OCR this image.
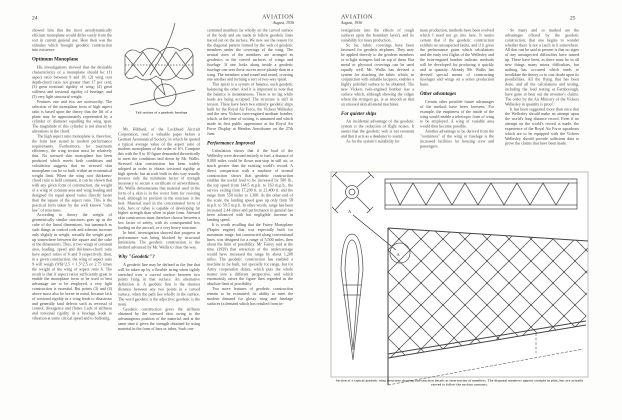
24	AVIATION
August, 1936

showed him that the most aerodynamically efficient monoplane would differ vastly from the sort in current general use. Here then was the stimulus which brought geodetic construction into existence.

Optimum Monoplane

His investigations showed that the desirable characteristics of a monoplane should be: (1) aspect ratio between 9 and 10; (2) wing root depth-chord ratio not greater than 17 per cent; (3) great torsional rigidity of wing; (4) great stiffness and torsional rigidity of fuselage; and (5) very light structural weight.

Features one and two are noteworthy. The selection of the monoplane form of high aspect ratio is based upon the theory that the lift of a plane may be approximately represented by a cylinder of diameter equalling the wing span. The magnitude of this cylinder is not altered by alterations in the chord.

The high aspect ratio monoplane is, therefore, the form best suited to modern performance requirements. Furthermore, for maximum efficiency, the wing section must be relatively thin. No stressed skin monoplane has been produced which meets both conditions and calculation suggests that no stressed skin monoplane can be so built within an economical weight limit. When the wing root thickness-chord ratio is held constant, it can be shown that with any given form of construction, the weight of a wing of constant area and wing loading and designed for equal speed varies directly faster than the square of the aspect ratio. This is the practical form taken by the well known "cube law" of structures.

According to theory the weight of geometrically similar structures goes up as the cube of the lineal dimensions, but inasmuch as such things as control rods and ailerons increase only slightly in weight, actually the weight goes up somewhere between the square and the cube of the dimensions. Thus, if two wings of constant area, loading, speed and thickness-chord ratio have aspect ratios of 6 and 9 respectively, then, in a given construction, the wing of aspect ratio 9 will weigh (9/6)^2.5 = 1.5^2.5 or 2.75 times the weight of the wing of aspect ratio 6. The result is that if aspect ratios sufficiently great to enable the monoplane form to be used to best advantage are to be employed, a very light construction is essential. But points (3) and (4) above must also be borne in mind, because lack of torsional rigidity in a wing leads to disastrous and generally fatal defects such as reversal of control, divergence and flutter. Lack of stiffness and torsional rigidity in a fuselage leads to vibration at some critical speed and to buffeting.

Tail section of a geodetic fuselage

Mr. Hibbard, of the Lockheed Aircraft Corporation, read a valuable paper before a German Aeronautical Society, in which he quoted a typical average value of the aspect ratio of modern monoplanes of the order of 6½. Compare this with the 9 to 10 figure demanded theoretically to meet the conditions laid down by Mr. Wallis. Stressed skin construction has been widely adopted in order to obtain torsional rigidity at high speeds; but aircraft built in this way usually possess only the minimum factor of strength necessary to secure a certificate of airworthiness. Mr. Wallis demonstrates that material used in the form of a skin is in the worst form for resisting load, although its position in the structure is the best. Material used in the concentrated form of rods, bars or tubes is capable of developing far higher strength than when in plate form. Stressed skin constructors must therefore choose between a low factor of safety, with its consequential low loading on the aircraft, or a very heavy structure.

In brief, investigation showed that progress in performance was being blocked by structural limitations. The geodetic construction is the method advanced by Mr. Wallis to clear the way.

Why "Geodetic"?

A geodetic line may be defined as the line that will be taken up by a flexible string when tightly stretched over a curved surface between two points lying in that surface. An alternative definition is: A geodetic line is the shortest distance between any two points in a curved surface, when the path lies wholly in the surface. The word geodetic is the adjective; geodesic is the noun.

Geodetic construction gives the stiffness obtained by the stressed skin owing to the advantageous position of the material, and at the same time it gives the strength obtained by using material in the form of bars or tubes. Such con-

centrated members lie wholly on the curved surface of the body and are made to follow geodetic lines traced out on the surface. We now see the reason for the diagonal pattern formed by the web of geodetic members under the coverings of the wing. The neutral axes of the members are arranged as geodesics in the curved surfaces of wings and fuselage. If one looks along inside a geodetic fuselage one sees these curves more plainly than in a wing. The members wind round and round, crossing one another and forming a sort of two-way spiral.

This spiral is a system of balance, each geodetic balancing the other. And it is important to note that the balance is instantaneous. There is no lag while loads are being accepted. The structure is stiff in torsion. There have been two entirely geodetic ships built for the Royal Air Force, the Vickers Wellesley and the new Vickers twin-engined medium bomber, which, at the time of writing, is unnamed and which made its first public appearance at the Royal Air Force Display at Hendon Aerodrome on the 27th June.

Performance Improved

Calculation shows that if the load of the Wellesley were devoted entirely to fuel, a distance of 8,000 miles could be flown non-stop in still air, or much greater than the existing world's record. A direct comparison with a machine of normal construction shows that geodetic construction enables the useful load to be increased by 500 lb., the top speed from 144.5 m.p.h. to 163 m.p.h., the service ceiling from 17,200 ft. to 21,400 ft. and the range from 550 miles to 1,300. At the other end of the scale, the landing speed goes up only from 58 m.p.h. to 59.5 m.p.h. In other words, range has been increased 2.44 times and performance in general has been advanced with but negligible increase in landing speed.

It is worth recalling that the Fairey Monoplane (Napier engine) that was especially built for maximum range, but constructed along conventional lines, was designed for a range of 5,500 miles, then about the limit of possibility. Mr. Fairey said at the time (1929) that retraction of the undercarriage would have increased the range by about 1,200 miles. The geodetic construction has enabled a machine to be built, not specially for range, but for Army cooperation duties, which puts the whole matter into a different perspective, and which enormously raises the figure then regarded as the absolute limit of possibility.

Two more features of geodetic construction remain to be examined; its ability to meet the modern demand for glossy wing and fuselage surfaces (a demand which has resulted from in-

AVIATION
August, 1936
25

vestigations into the effects of rough surfaces upon the boundary layer), and its suitability for mass production.

So far, fabric coverings have been favoured for geodetic airplanes. They may be applied directly to the geodetic members or to light stringers laid on top of them. But metal or plywood coverings can be used equally well. Mr. Wallis has devised a system for attaching the fabric which, in conjunction with suitable lacquers, enables a highly polished surface to be obtained. The new Vickers twin-engined bomber has a surface which, although showing the ridges where the stringers go, is as smooth as that on stressed skin all-metal machines.

For quieter ships

An incidental advantage of the geodetic system is the reduction of flight noises. It seems that the geodetic web is not resonant and that it acts as a deadener to sound.

As for the system's suitability for

mass production, methods have been evolved which I need not go into here. It seems certain that if the geodetic construction exhibits no unsuspected faults, and if it gives the performance gains which calculations and the early test flights of the Wellesley and the twin-engined bomber indicate, methods will be developed for producing it quickly and in quantity. Already Mr. Wallis has devised special means of constructing fuselages and wings on a series production basis.

Other advantages

Certain other possible future advantages of the method have been foreseen. For example, the emptiness of the inside of the wing would enable a telescopic form of wing to be employed. A wing of variable area would then become possible.

Another advantage to be derived from the "roominess" of the wing or fuselage is the increased facilities for housing crew and passengers.

So many and so marked are the advantages offered by the geodetic construction, that one begins to wonder whether there is not a catch in it somewhere. All that can be said at present is that no signs of any unsuspected difficulties have turned up. There have been, as there must be in all new things, many minor difficulties, but nothing has occurred which tends to invalidate the theory or to cast doubt upon its possibilities. All the flying that has been done, and all the calculations and testing, including the load testing at Farnborough, have gone to bear out the inventor's claims. The order by the Air Ministry of the Vickers Wellesley in quantity is proof.

It has been suggested more than once that the Wellesley should make an attempt upon the world's long distance record. Even if no attempt on the world's record is made, the experience of the Royal Air Force squadrons which are to be equipped with the Vickers Wellesley should provide sufficient data to prove the claims that have been made.

A
A
Section of a typical geodetic wing structure showing construction details at intersection of members. The diagonal members appear straight in plan, but are actually curved to follow the surface contours.
